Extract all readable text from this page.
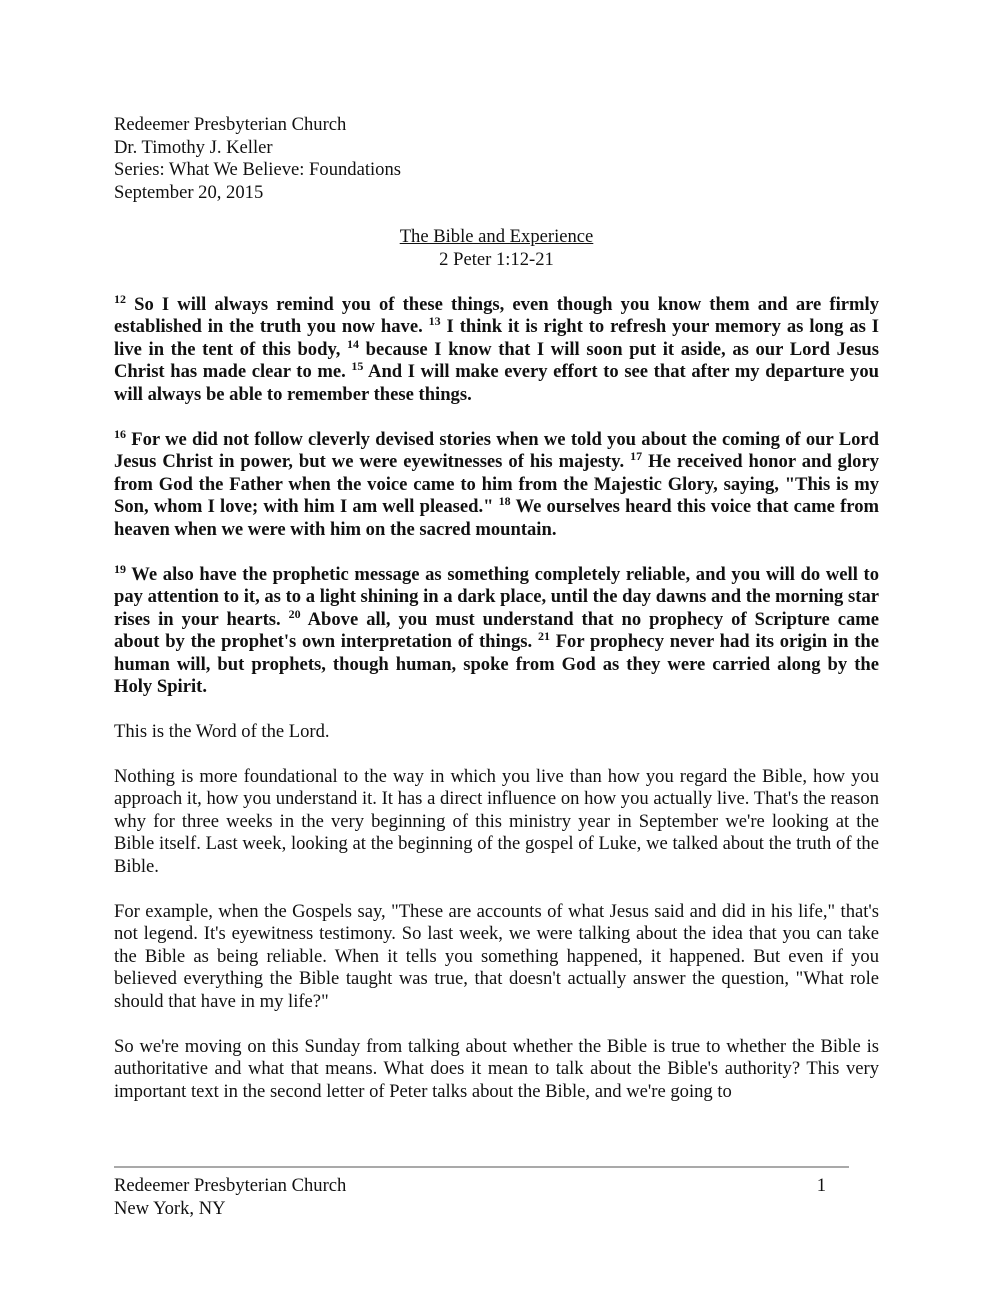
Redeemer Presbyterian Church
Dr. Timothy J. Keller
Series: What We Believe: Foundations
September 20, 2015
The Bible and Experience
2 Peter 1:12-21

$^{12}$ So I will always remind you of these things, even though you know them and are firmly established in the truth you now have. $^{13}$ I think it is right to refresh your memory as long as I live in the tent of this body, $^{14}$ because I know that I will soon put it aside, as our Lord Jesus Christ has made clear to me. $^{15}$ And I will make every effort to see that after my departure you will always be able to remember these things.

$^{16}$ For we did not follow cleverly devised stories when we told you about the coming of our Lord Jesus Christ in power, but we were eyewitnesses of his majesty. $^{17}$ He received honor and glory from God the Father when the voice came to him from the Majestic Glory, saying, "This is my Son, whom I love; with him I am well pleased." $^{18}$ We ourselves heard this voice that came from heaven when we were with him on the sacred mountain.

$^{19}$ We also have the prophetic message as something completely reliable, and you will do well to pay attention to it, as to a light shining in a dark place, until the day dawns and the morning star rises in your hearts. $^{20}$ Above all, you must understand that no prophecy of Scripture came about by the prophet's own interpretation of things. $^{21}$ For prophecy never had its origin in the human will, but prophets, though human, spoke from God as they were carried along by the Holy Spirit.

This is the Word of the Lord.

Nothing is more foundational to the way in which you live than how you regard the Bible, how you approach it, how you understand it. It has a direct influence on how you actually live. That's the reason why for three weeks in the very beginning of this ministry year in September we're looking at the Bible itself. Last week, looking at the beginning of the gospel of Luke, we talked about the truth of the Bible.

For example, when the Gospels say, "These are accounts of what Jesus said and did in his life," that's not legend. It's eyewitness testimony. So last week, we were talking about the idea that you can take the Bible as being reliable. When it tells you something happened, it happened. But even if you believed everything the Bible taught was true, that doesn't actually answer the question, "What role should that have in my life?"

So we're moving on this Sunday from talking about whether the Bible is true to whether the Bible is authoritative and what that means. What does it mean to talk about the Bible's authority? This very important text in the second letter of Peter talks about the Bible, and we're going to

Redeemer Presbyterian Church	1
New York, NY
